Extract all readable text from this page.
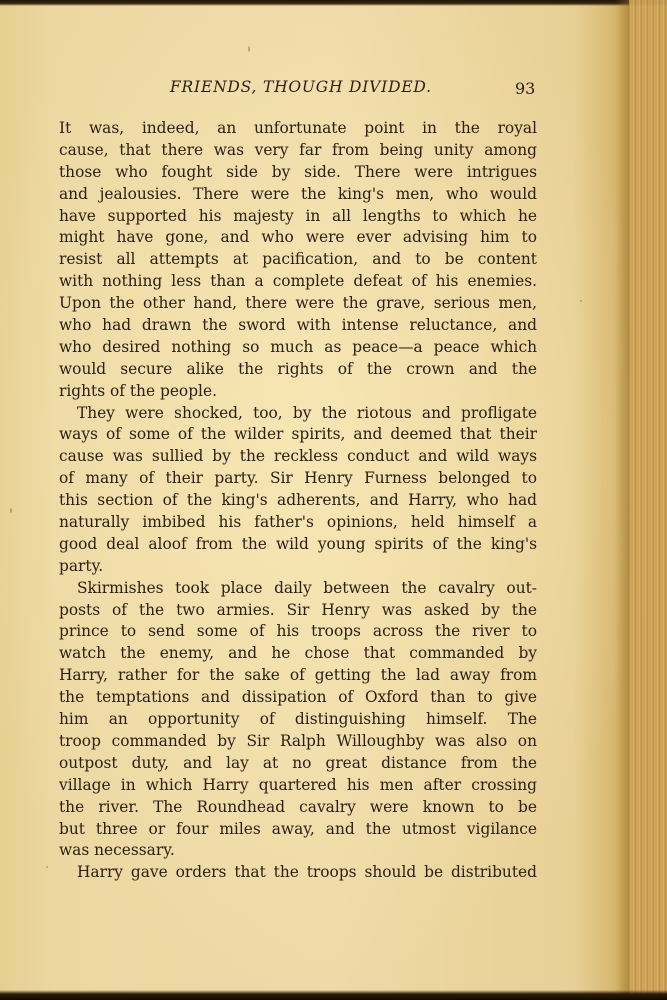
FRIENDS, THOUGH DIVIDED.	93
It was, indeed, an unfortunate point in the royal
cause, that there was very far from being unity among
those who fought side by side. There were intrigues
and jealousies. There were the king's men, who would
have supported his majesty in all lengths to which he
might have gone, and who were ever advising him to
resist all attempts at pacification, and to be content
with nothing less than a complete defeat of his enemies.
Upon the other hand, there were the grave, serious men,
who had drawn the sword with intense reluctance, and
who desired nothing so much as peace—a peace which
would secure alike the rights of the crown and the
rights of the people.
They were shocked, too, by the riotous and profligate
ways of some of the wilder spirits, and deemed that their
cause was sullied by the reckless conduct and wild ways
of many of their party. Sir Henry Furness belonged to
this section of the king's adherents, and Harry, who had
naturally imbibed his father's opinions, held himself a
good deal aloof from the wild young spirits of the king's
party.
Skirmishes took place daily between the cavalry out-
posts of the two armies. Sir Henry was asked by the
prince to send some of his troops across the river to
watch the enemy, and he chose that commanded by
Harry, rather for the sake of getting the lad away from
the temptations and dissipation of Oxford than to give
him an opportunity of distinguishing himself. The
troop commanded by Sir Ralph Willoughby was also on
outpost duty, and lay at no great distance from the
village in which Harry quartered his men after crossing
the river. The Roundhead cavalry were known to be
but three or four miles away, and the utmost vigilance
was necessary.
Harry gave orders that the troops should be distributed
